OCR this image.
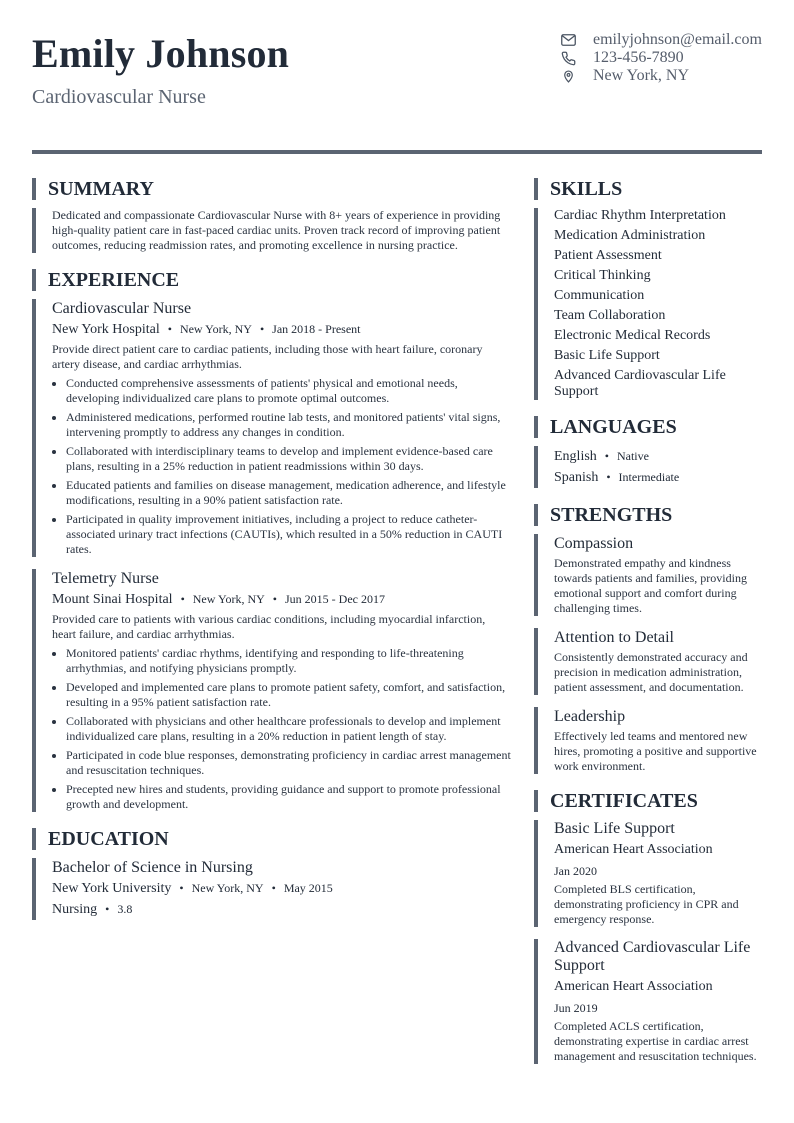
Emily Johnson
Cardiovascular Nurse
emilyjohnson@email.com
123-456-7890
New York, NY
SUMMARY
Dedicated and compassionate Cardiovascular Nurse with 8+ years of experience in providing high-quality patient care in fast-paced cardiac units. Proven track record of improving patient outcomes, reducing readmission rates, and promoting excellence in nursing practice.
EXPERIENCE
Cardiovascular Nurse
New York Hospital • New York, NY • Jan 2018 - Present
Provide direct patient care to cardiac patients, including those with heart failure, coronary artery disease, and cardiac arrhythmias.
• Conducted comprehensive assessments of patients' physical and emotional needs, developing individualized care plans to promote optimal outcomes.
• Administered medications, performed routine lab tests, and monitored patients' vital signs, intervening promptly to address any changes in condition.
• Collaborated with interdisciplinary teams to develop and implement evidence-based care plans, resulting in a 25% reduction in patient readmissions within 30 days.
• Educated patients and families on disease management, medication adherence, and lifestyle modifications, resulting in a 90% patient satisfaction rate.
• Participated in quality improvement initiatives, including a project to reduce catheter-associated urinary tract infections (CAUTIs), which resulted in a 50% reduction in CAUTI rates.
Telemetry Nurse
Mount Sinai Hospital • New York, NY • Jun 2015 - Dec 2017
Provided care to patients with various cardiac conditions, including myocardial infarction, heart failure, and cardiac arrhythmias.
• Monitored patients' cardiac rhythms, identifying and responding to life-threatening arrhythmias, and notifying physicians promptly.
• Developed and implemented care plans to promote patient safety, comfort, and satisfaction, resulting in a 95% patient satisfaction rate.
• Collaborated with physicians and other healthcare professionals to develop and implement individualized care plans, resulting in a 20% reduction in patient length of stay.
• Participated in code blue responses, demonstrating proficiency in cardiac arrest management and resuscitation techniques.
• Precepted new hires and students, providing guidance and support to promote professional growth and development.
EDUCATION
Bachelor of Science in Nursing
New York University • New York, NY • May 2015
Nursing • 3.8
SKILLS
Cardiac Rhythm Interpretation
Medication Administration
Patient Assessment
Critical Thinking
Communication
Team Collaboration
Electronic Medical Records
Basic Life Support
Advanced Cardiovascular Life Support
LANGUAGES
English • Native
Spanish • Intermediate
STRENGTHS
Compassion
Demonstrated empathy and kindness towards patients and families, providing emotional support and comfort during challenging times.
Attention to Detail
Consistently demonstrated accuracy and precision in medication administration, patient assessment, and documentation.
Leadership
Effectively led teams and mentored new hires, promoting a positive and supportive work environment.
CERTIFICATES
Basic Life Support
American Heart Association
Jan 2020
Completed BLS certification, demonstrating proficiency in CPR and emergency response.
Advanced Cardiovascular Life Support
American Heart Association
Jun 2019
Completed ACLS certification, demonstrating expertise in cardiac arrest management and resuscitation techniques.
